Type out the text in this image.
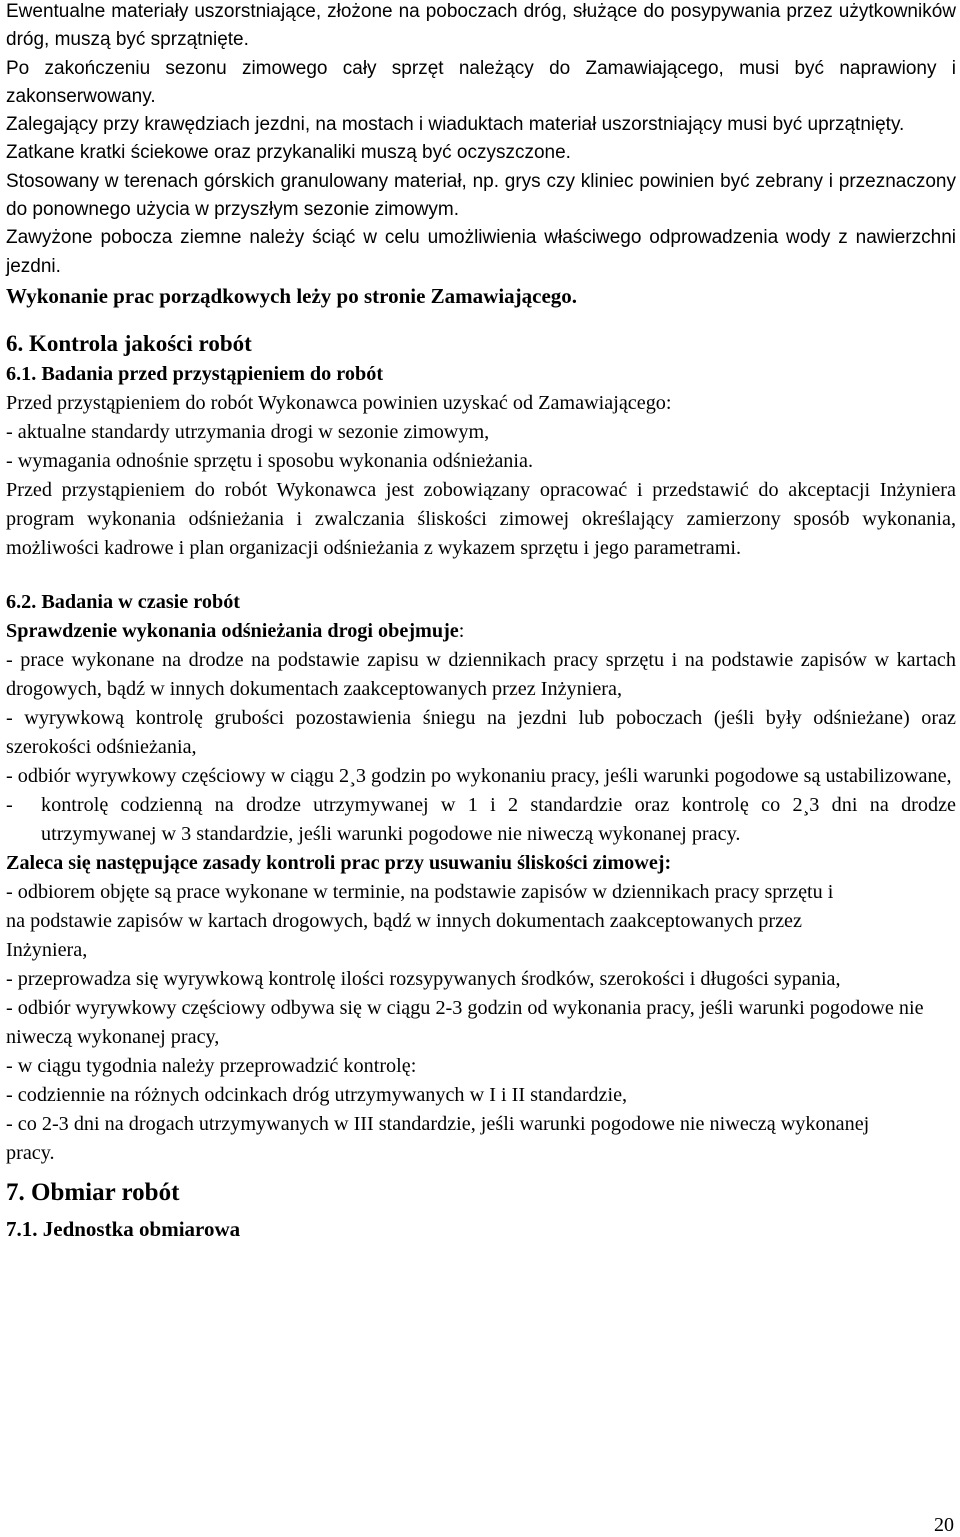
Ewentualne materiały uszorstniające, złożone na poboczach dróg, służące do posypywania przez użytkowników dróg, muszą być sprzątnięte.

Po zakończeniu sezonu zimowego cały sprzęt należący do Zamawiającego, musi być naprawiony i zakonserwowany.

Zalegający przy krawędziach jezdni, na mostach i wiaduktach materiał uszorstniający musi być uprzątnięty.

Zatkane kratki ściekowe oraz przykanaliki muszą być oczyszczone.

Stosowany w terenach górskich granulowany materiał, np. grys czy kliniec powinien być zebrany i przeznaczony do ponownego użycia w przyszłym sezonie zimowym.

Zawyżone pobocza ziemne należy ściąć w celu umożliwienia właściwego odprowadzenia wody z nawierzchni jezdni.

Wykonanie prac porządkowych leży po stronie Zamawiającego.

6. Kontrola jakości robót

6.1. Badania przed przystąpieniem do robót

Przed przystąpieniem do robót Wykonawca powinien uzyskać od Zamawiającego:

- aktualne standardy utrzymania drogi w sezonie zimowym,

- wymagania odnośnie sprzętu i sposobu wykonania odśnieżania.

Przed przystąpieniem do robót Wykonawca jest zobowiązany opracować i przedstawić do akceptacji Inżyniera program wykonania odśnieżania i zwalczania śliskości zimowej określający zamierzony sposób wykonania, możliwości kadrowe i plan organizacji odśnieżania z wykazem sprzętu i jego parametrami.

6.2. Badania w czasie robót

Sprawdzenie wykonania odśnieżania drogi obejmuje:

- prace wykonane na drodze na podstawie zapisu w dziennikach pracy sprzętu i na podstawie zapisów w kartach drogowych, bądź w innych dokumentach zaakceptowanych przez Inżyniera,

- wyrywkową kontrolę grubości pozostawienia śniegu na jezdni lub poboczach (jeśli były odśnieżane) oraz szerokości odśnieżania,

- odbiór wyrywkowy częściowy w ciągu 2¸3 godzin po wykonaniu pracy, jeśli warunki pogodowe są ustabilizowane,

-	kontrolę codzienną na drodze utrzymywanej w 1 i 2 standardzie oraz kontrolę co 2¸3 dni na drodze utrzymywanej w 3 standardzie, jeśli warunki pogodowe nie niweczą wykonanej pracy.

Zaleca się następujące zasady kontroli prac przy usuwaniu śliskości zimowej:

- odbiorem objęte są prace wykonane w terminie, na podstawie zapisów w dziennikach pracy sprzętu i na podstawie zapisów w kartach drogowych, bądź w innych dokumentach zaakceptowanych przez Inżyniera,

- przeprowadza się wyrywkową kontrolę ilości rozsypywanych środków, szerokości i długości sypania,

- odbiór wyrywkowy częściowy odbywa się w ciągu 2-3 godzin od wykonania pracy, jeśli warunki pogodowe nie niweczą wykonanej pracy,

- w ciągu tygodnia należy przeprowadzić kontrolę:

- codziennie na różnych odcinkach dróg utrzymywanych w I i II standardzie,

- co 2-3 dni na drogach utrzymywanych w III standardzie, jeśli warunki pogodowe nie niweczą wykonanej pracy.

7. Obmiar robót
7.1. Jednostka obmiarowa
20
